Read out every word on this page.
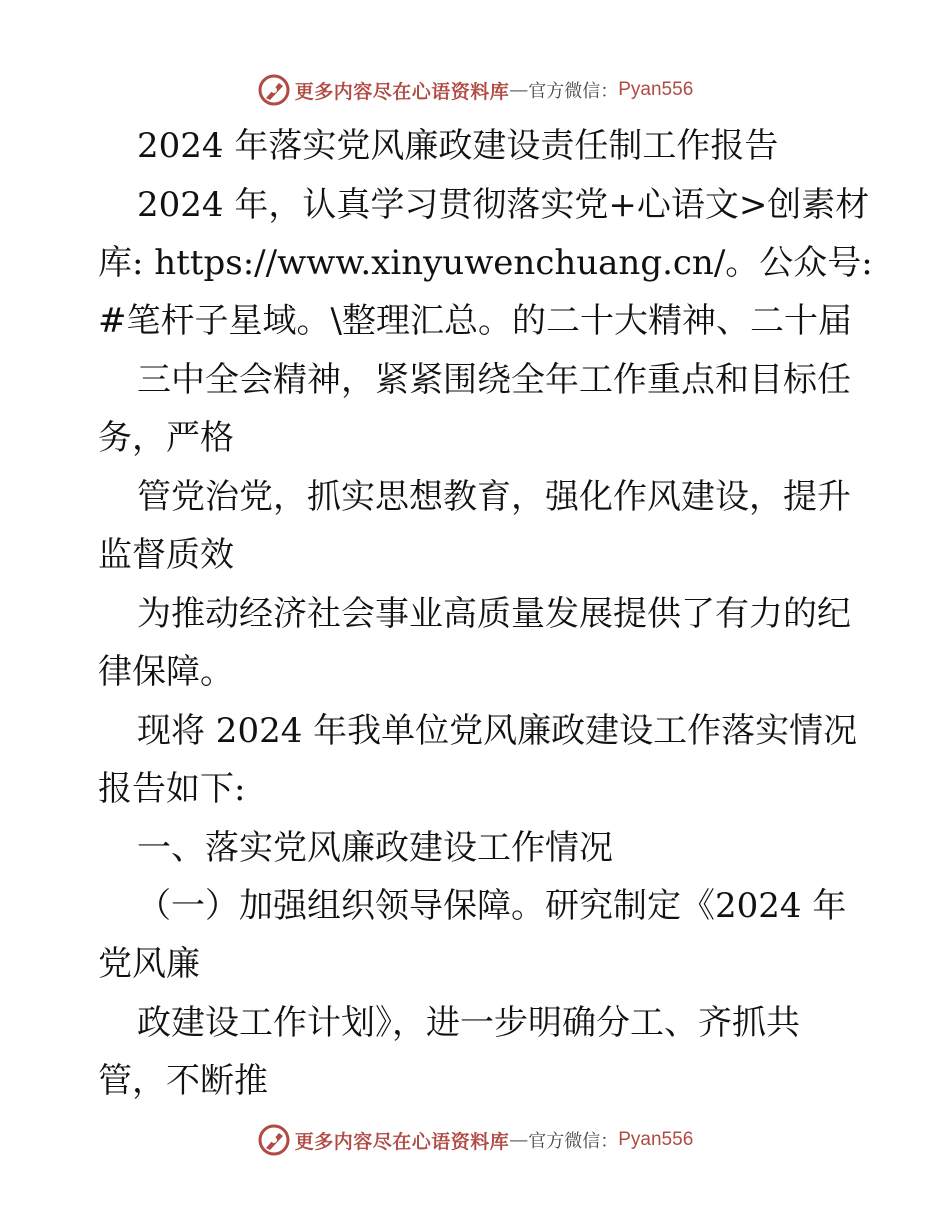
更多内容尽在心语资料库 — 官方微信： Pyan556
2024 年落实党风廉政建设责任制工作报告
2024 年，认真学习贯彻落实党+心语文>创素材
库: https://www.xinyuwenchuang.cn/。公众号:
#笔杆子星域。\整理汇总。的二十大精神、二十届
三中全会精神，紧紧围绕全年工作重点和目标任
务，严格
管党治党，抓实思想教育，强化作风建设，提升
监督质效
为推动经济社会事业高质量发展提供了有力的纪
律保障。
现将 2024 年我单位党风廉政建设工作落实情况
报告如下:
一、落实党风廉政建设工作情况
（一）加强组织领导保障。研究制定《2024 年
党风廉
政建设工作计划》，进一步明确分工、齐抓共
管，不断推
更多内容尽在心语资料库 — 官方微信： Pyan556
